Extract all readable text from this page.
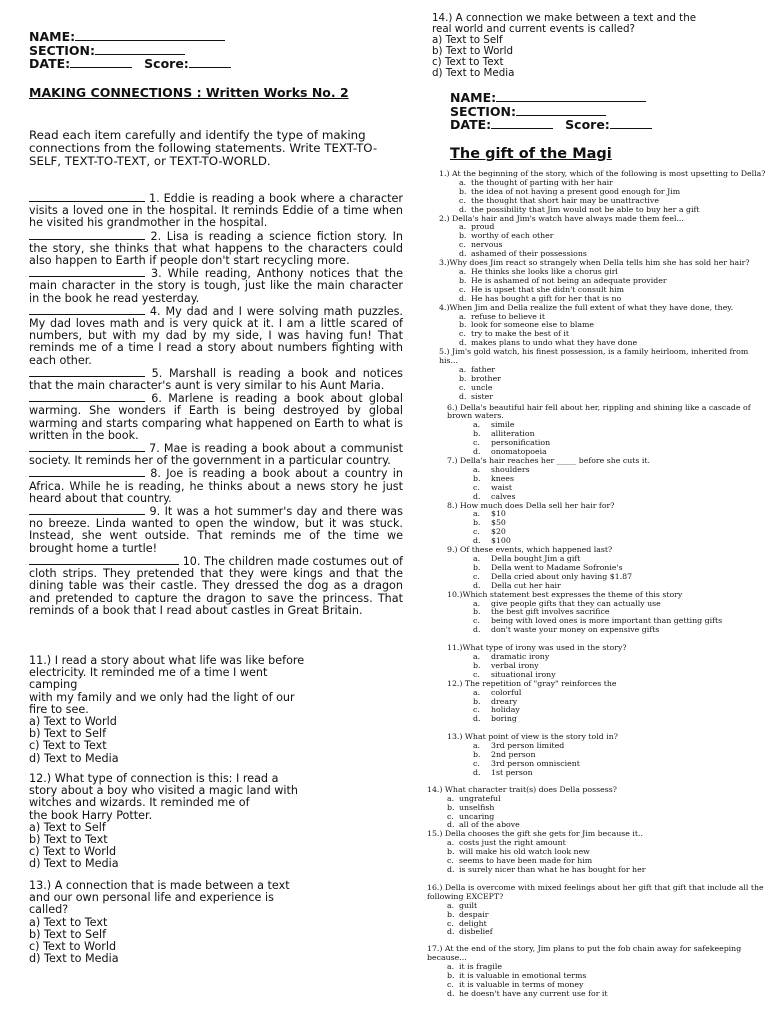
NAME:
SECTION:
DATE:	Score:
MAKING CONNECTIONS : Written Works No. 2
Read each item carefully and identify the type of making connections from the following statements. Write TEXT-TO-SELF, TEXT-TO-TEXT, or TEXT-TO-WORLD.
1. Eddie is reading a book where a character visits a loved one in the hospital. It reminds Eddie of a time when he visited his grandmother in the hospital.
2. Lisa is reading a science fiction story. In the story, she thinks that what happens to the characters could also happen to Earth if people don't start recycling more.
3. While reading, Anthony notices that the main character in the story is tough, just like the main character in the book he read yesterday.
4. My dad and I were solving math puzzles. My dad loves math and is very quick at it. I am a little scared of numbers, but with my dad by my side, I was having fun! That reminds me of a time I read a story about numbers fighting with each other.
5. Marshall is reading a book and notices that the main character's aunt is very similar to his Aunt Maria.
6. Marlene is reading a book about global warming. She wonders if Earth is being destroyed by global warming and starts comparing what happened on Earth to what is written in the book.
7. Mae is reading a book about a communist society. It reminds her of the government in a particular country.
8. Joe is reading a book about a country in Africa. While he is reading, he thinks about a news story he just heard about that country.
9. It was a hot summer's day and there was no breeze. Linda wanted to open the window, but it was stuck. Instead, she went outside. That reminds me of the time we brought home a turtle!
10. The children made costumes out of cloth strips. They pretended that they were kings and that the dining table was their castle. They dressed the dog as a dragon and pretended to capture the dragon to save the princess. That reminds of a book that I read about castles in Great Britain.
11.) I read a story about what life was like before
electricity. It reminded me of a time I went
camping
with my family and we only had the light of our
fire to see.
a) Text to World
b) Text to Self
c) Text to Text
d) Text to Media
12.) What type of connection is this: I read a
story about a boy who visited a magic land with
witches and wizards. It reminded me of
the book Harry Potter.
a) Text to Self
b) Text to Text
c) Text to World
d) Text to Media
13.) A connection that is made between a text
and our own personal life and experience is
called?
a) Text to Text
b) Text to Self
c) Text to World
d) Text to Media
14.) A connection we make between a text and the
real world and current events is called?
a) Text to Self
b) Text to World
c) Text to Text
d) Text to Media
NAME:
SECTION:
DATE:	Score:
The gift of the Magi
1.) At the beginning of the story, which of the following is most upsetting to Della?
a. the thought of parting with her hair
b. the idea of not having a present good enough for Jim
c. the thought that short hair may be unattractive
d. the possibility that Jim would not be able to buy her a gift
2.) Della's hair and Jim's watch have always made them feel...
a. proud
b. worthy of each other
c. nervous
d. ashamed of their possessions
3.)Why does Jim react so strangely when Della tells him she has sold her hair?
a. He thinks she looks like a chorus girl
b. He is ashamed of not being an adequate provider
c. He is upset that she didn't consult him
d. He has bought a gift for her that is no
4.)When Jim and Della realize the full extent of what they have done, they.
a. refuse to believe it
b. look for someone else to blame
c. try to make the best of it
d. makes plans to undo what they have done
5.) Jim's gold watch, his finest possession, is a family heirloom, inherited from his...
a. father
b. brother
c. uncle
d. sister
6.) Della's beautiful hair fell about her, rippling and shining like a cascade of brown waters.
a. simile
b. alliteration
c. personification
d. onomatopoeia
7.) Della's hair reaches her _____ before she cuts it.
a. shoulders
b. knees
c. waist
d. calves
8.) How much does Della sell her hair for?
a. $10
b. $50
c. $20
d. $100
9.) Of these events, which happened last?
a. Della bought Jim a gift
b. Della went to Madame Sofronie's
c. Della cried about only having $1.87
d. Della cut her hair
10.)Which statement best expresses the theme of this story
a. give people gifts that they can actually use
b. the best gift involves sacrifice
c. being with loved ones is more important than getting gifts
d. don't waste your money on expensive gifts
11.)What type of irony was used in the story?
a. dramatic irony
b. verbal irony
c. situational irony
12.) The repetition of "gray" reinforces the
a. colorful
b. dreary
c. holiday
d. boring
13.) What point of view is the story told in?
a. 3rd person limited
b. 2nd person
c. 3rd person omniscient
d. 1st person
14.) What character trait(s) does Della possess?
a. ungrateful
b. unselfish
c. uncaring
d. all of the above
15.) Della chooses the gift she gets for Jim because it..
a. costs just the right amount
b. will make his old watch look new
c. seems to have been made for him
d. is surely nicer than what he has bought for her
16.) Della is overcome with mixed feelings about her gift that gift that include all the following EXCEPT?
a. guilt
b. despair
c. delight
d. disbelief
17.) At the end of the story, Jim plans to put the fob chain away for safekeeping because...
a. it is fragile
b. it is valuable in emotional terms
c. it is valuable in terms of money
d. he doesn't have any current use for it
